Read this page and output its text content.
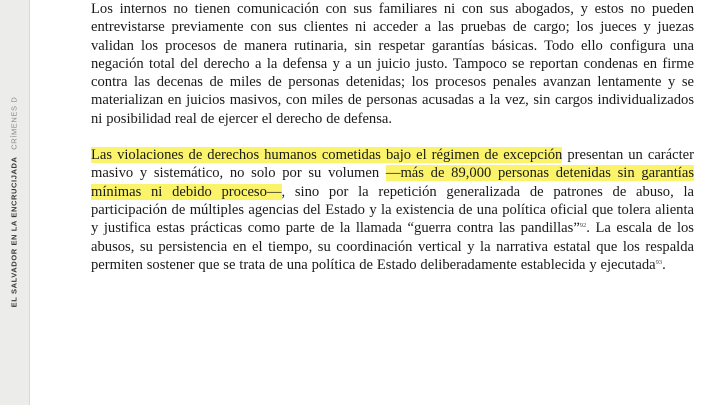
EL SALVADOR EN LA ENCRUCIJADA CRÍMENES D

Los internos no tienen comunicación con sus familiares ni con sus abogados, y estos no pueden entrevistarse previamente con sus clientes ni acceder a las pruebas de cargo; los jueces y juezas validan los procesos de manera rutinaria, sin respetar garantías básicas. Todo ello configura una negación total del derecho a la defensa y a un juicio justo. Tampoco se reportan condenas en firme contra las decenas de miles de personas detenidas; los procesos penales avanzan lentamente y se materializan en juicios masivos, con miles de personas acusadas a la vez, sin cargos individualizados ni posibilidad real de ejercer el derecho de defensa.

Las violaciones de derechos humanos cometidas bajo el régimen de excepción presentan un carácter masivo y sistemático, no solo por su volumen —más de 89,000 personas detenidas sin garantías mínimas ni debido proceso—, sino por la repetición generalizada de patrones de abuso, la participación de múltiples agencias del Estado y la existencia de una política oficial que tolera alienta y justifica estas prácticas como parte de la llamada “guerra contra las pandillas”$^{92}$. La escala de los abusos, su persistencia en el tiempo, su coordinación vertical y la narrativa estatal que los respalda permiten sostener que se trata de una política de Estado deliberadamente establecida y ejecutada$^{93}$.
